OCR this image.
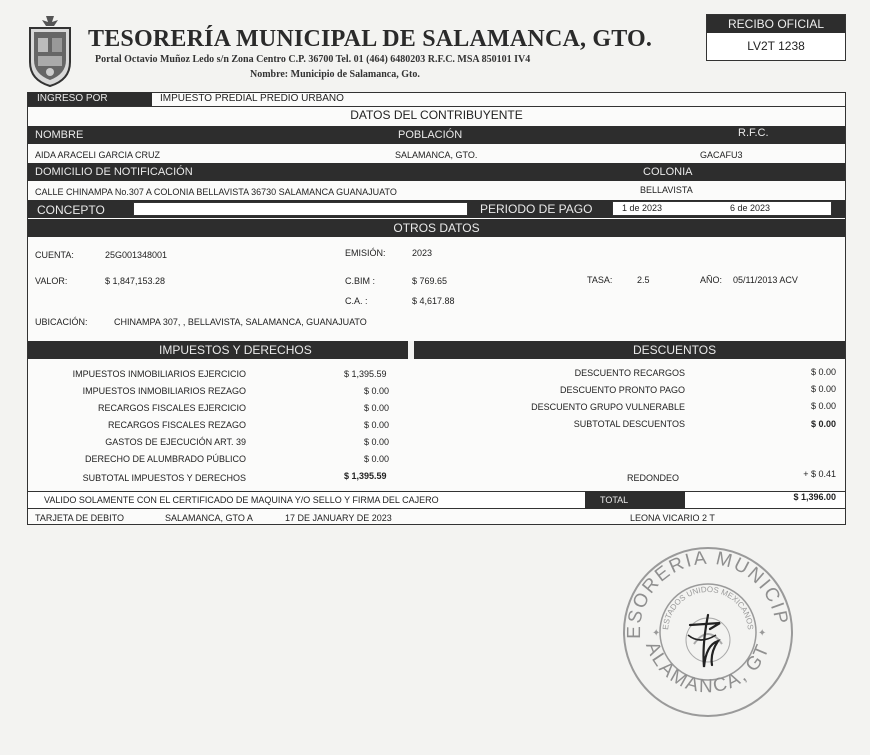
TESORERÍA MUNICIPAL DE SALAMANCA, GTO.
Portal Octavio Muñoz Ledo s/n Zona Centro C.P. 36700 Tel. 01 (464) 6480203 R.F.C. MSA 850101 IV4
Nombre: Municipio de Salamanca, Gto.
RECIBO OFICIAL
LV2T 1238
INGRESO POR	IMPUESTO PREDIAL PREDIO URBANO
DATOS DEL CONTRIBUYENTE
NOMBRE	POBLACIÓN	R.F.C.
AIDA ARACELI GARCIA CRUZ	SALAMANCA, GTO.	GACAFU3
DOMICILIO DE NOTIFICACIÓN	COLONIA
CALLE CHINAMPA No.307 A COLONIA BELLAVISTA 36730 SALAMANCA GUANAJUATO	BELLAVISTA
CONCEPTO	PERIODO DE PAGO	1 de 2023	6 de 2023
OTROS DATOS
CUENTA:	25G001348001	EMISIÓN:	2023
VALOR:	$ 1,847,153.28	C.BIM :	$ 769.65	TASA:	2.5	AÑO: 05/11/2013 ACV
C.A. :	$ 4,617.88
UBICACIÓN:	CHINAMPA 307, , BELLAVISTA, SALAMANCA, GUANAJUATO
IMPUESTOS Y DERECHOS	DESCUENTOS
IMPUESTOS INMOBILIARIOS EJERCICIO	$ 1,395.59
IMPUESTOS INMOBILIARIOS REZAGO	$ 0.00
RECARGOS FISCALES EJERCICIO	$ 0.00
RECARGOS FISCALES REZAGO	$ 0.00
GASTOS DE EJECUCIÓN ART. 39	$ 0.00
DERECHO DE ALUMBRADO PÚBLICO	$ 0.00
SUBTOTAL IMPUESTOS Y DERECHOS	$ 1,395.59
DESCUENTO RECARGOS	$ 0.00
DESCUENTO PRONTO PAGO	$ 0.00
DESCUENTO GRUPO VULNERABLE	$ 0.00
SUBTOTAL DESCUENTOS	$ 0.00
REDONDEO	+ $ 0.41
VALIDO SOLAMENTE CON EL CERTIFICADO DE MAQUINA Y/O SELLO Y FIRMA DEL CAJERO	TOTAL	$ 1,396.00
TARJETA DE DEBITO	SALAMANCA, GTO A	17 DE JANUARY DE 2023	LEONA VICARIO 2 T
ESORERIA MUNICIP
ALAMANCA, GT
ESTADOS UNIDOS MEXICANOS
✦	✦
